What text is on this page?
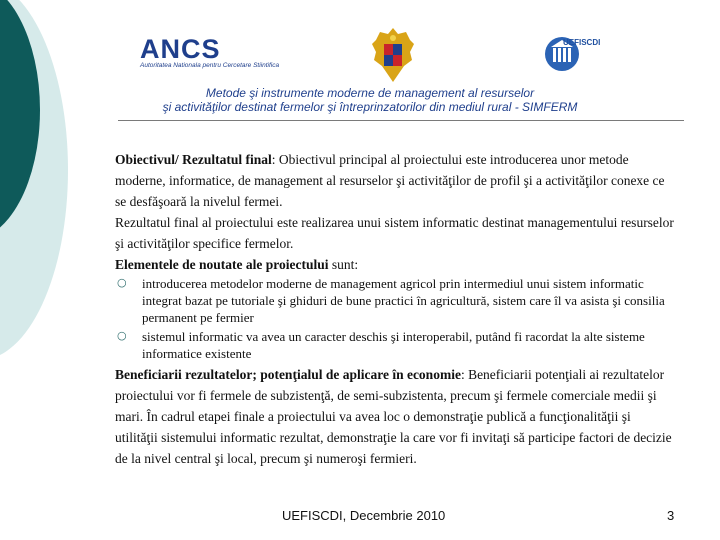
ANCS
Autoritatea Nationala pentru Cercetare Stiintifica
UEFISCDI
Metode şi instrumente moderne de management al resurselor
şi activităţilor destinat fermelor şi întreprinzatorilor din mediul rural - SIMFERM

Obiectivul/ Rezultatul final: Obiectivul principal al proiectului este introducerea unor metode moderne, informatice, de management al resurselor şi activităţilor de profil şi a activităţilor conexe ce se desfăşoară la nivelul fermei.

Rezultatul final al proiectului este realizarea unui sistem informatic destinat managementului resurselor şi activităţilor specifice fermelor.

Elementele de noutate ale proiectului sunt:

○ introducerea metodelor moderne de management agricol prin intermediul unui sistem informatic integrat bazat pe tutoriale şi ghiduri de bune practici în agricultură, sistem care îl va asista şi consilia permanent pe fermier
○ sistemul informatic va avea un caracter deschis şi interoperabil, putând fi racordat la alte sisteme informatice existente

Beneficiarii rezultatelor; potenţialul de aplicare în economie: Beneficiarii potenţiali ai rezultatelor proiectului vor fi fermele de subzistenţă, de semi-subzistenta, precum şi fermele comerciale medii şi mari. În cadrul etapei finale a proiectului va avea loc o demonstraţie publică a funcţionalităţii şi utilităţii sistemului informatic rezultat, demonstraţie la care vor fi invitaţi să participe factori de decizie de la nivel central şi local, precum şi numeroşi fermieri.

UEFISCDI, Decembrie 2010	3
